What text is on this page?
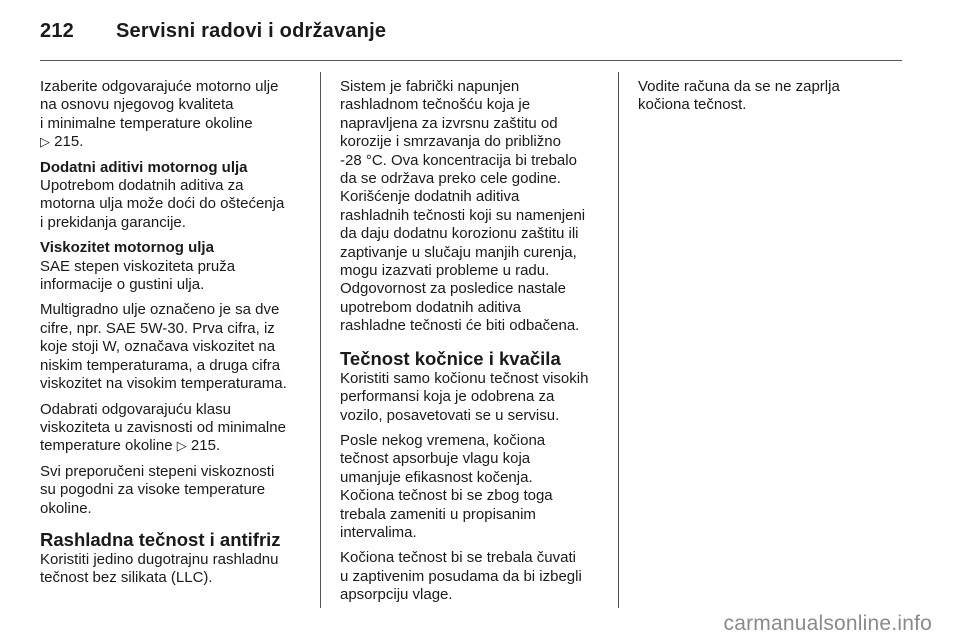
212 Servisni radovi i održavanje
Izaberite odgovarajuće motorno ulje
na osnovu njegovog kvaliteta
i minimalne temperature okoline
▷ 215.
Dodatni aditivi motornog ulja
Upotrebom dodatnih aditiva za
motorna ulja može doći do oštećenja
i prekidanja garancije.
Viskozitet motornog ulja
SAE stepen viskoziteta pruža
informacije o gustini ulja.
Multigradno ulje označeno je sa dve
cifre, npr. SAE 5W-30. Prva cifra, iz
koje stoji W, označava viskozitet na
niskim temperaturama, a druga cifra
viskozitet na visokim temperaturama.
Odabrati odgovarajuću klasu
viskoziteta u zavisnosti od minimalne
temperature okoline ▷ 215.
Svi preporučeni stepeni viskoznosti
su pogodni za visoke temperature
okoline.
Rashladna tečnost i antifriz
Koristiti jedino dugotrajnu rashladnu
tečnost bez silikata (LLC).
Sistem je fabrički napunjen
rashladnom tečnošću koja je
napravljena za izvrsnu zaštitu od
korozije i smrzavanja do približno
-28 °C. Ova koncentracija bi trebalo
da se održava preko cele godine.
Korišćenje dodatnih aditiva
rashladnih tečnosti koji su namenjeni
da daju dodatnu korozionu zaštitu ili
zaptivanje u slučaju manjih curenja,
mogu izazvati probleme u radu.
Odgovornost za posledice nastale
upotrebom dodatnih aditiva
rashladne tečnosti će biti odbačena.
Tečnost kočnice i kvačila
Koristiti samo kočionu tečnost visokih
performansi koja je odobrena za
vozilo, posavetovati se u servisu.
Posle nekog vremena, kočiona
tečnost apsorbuje vlagu koja
umanjuje efikasnost kočenja.
Kočiona tečnost bi se zbog toga
trebala zameniti u propisanim
intervalima.
Kočiona tečnost bi se trebala čuvati
u zaptivenim posudama da bi izbegli
apsorpciju vlage.
Vodite računa da se ne zaprlja
kočiona tečnost.
carmanualsonline.info
